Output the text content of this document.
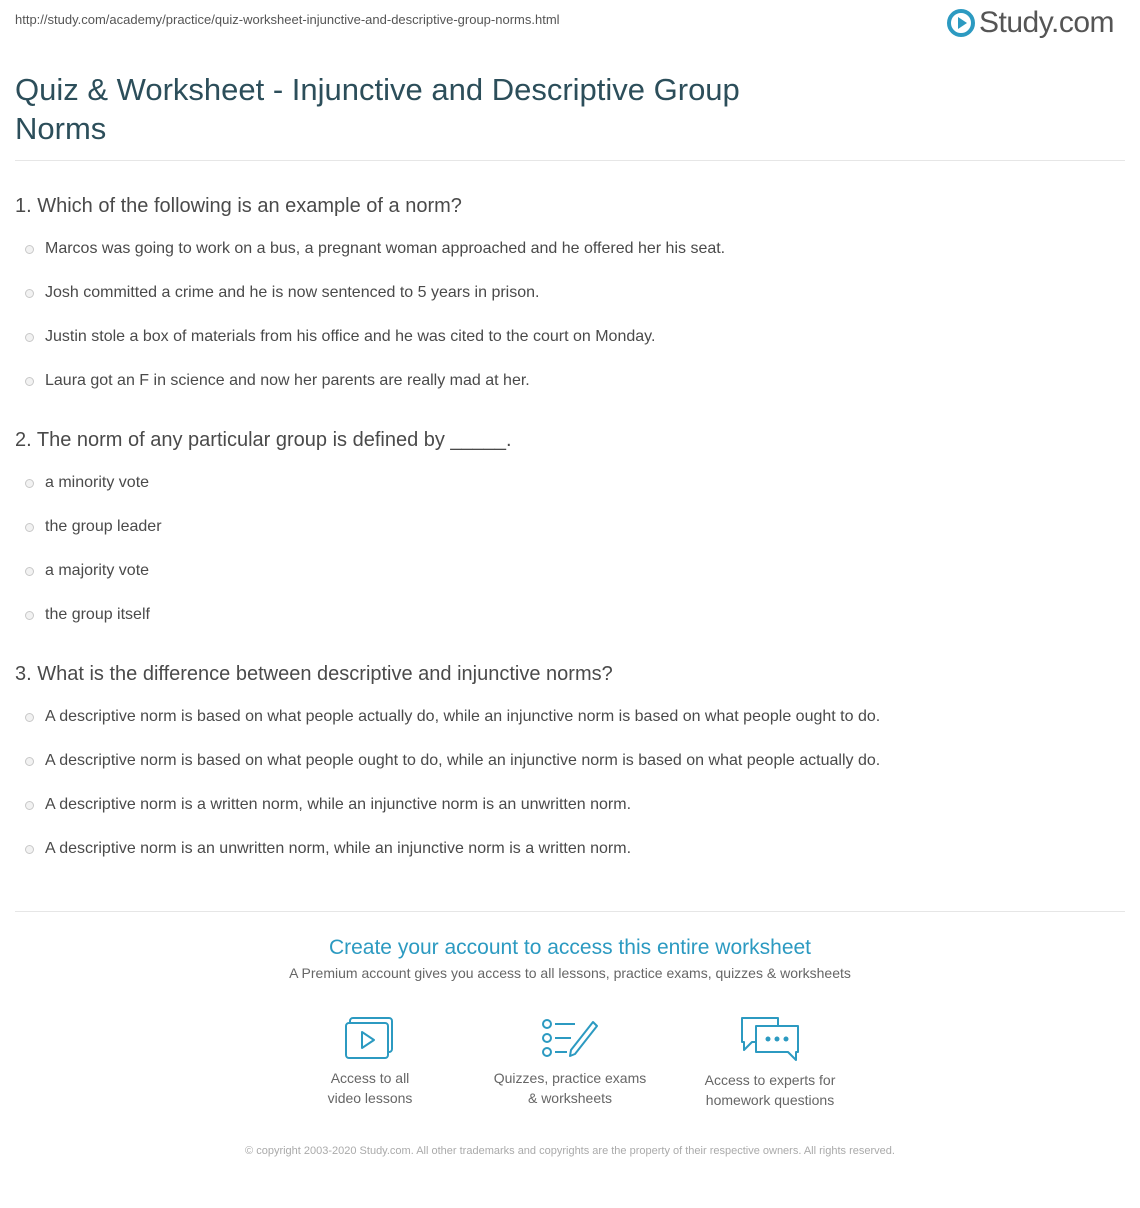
http://study.com/academy/practice/quiz-worksheet-injunctive-and-descriptive-group-norms.html	Study.com
Quiz & Worksheet - Injunctive and Descriptive Group Norms
1. Which of the following is an example of a norm?
Marcos was going to work on a bus, a pregnant woman approached and he offered her his seat.
Josh committed a crime and he is now sentenced to 5 years in prison.
Justin stole a box of materials from his office and he was cited to the court on Monday.
Laura got an F in science and now her parents are really mad at her.
2. The norm of any particular group is defined by _____.
a minority vote
the group leader
a majority vote
the group itself
3. What is the difference between descriptive and injunctive norms?
A descriptive norm is based on what people actually do, while an injunctive norm is based on what people ought to do.
A descriptive norm is based on what people ought to do, while an injunctive norm is based on what people actually do.
A descriptive norm is a written norm, while an injunctive norm is an unwritten norm.
A descriptive norm is an unwritten norm, while an injunctive norm is a written norm.
Create your account to access this entire worksheet
A Premium account gives you access to all lessons, practice exams, quizzes & worksheets
Access to all
video lessons
Quizzes, practice exams
& worksheets
Access to experts for
homework questions
© copyright 2003-2020 Study.com. All other trademarks and copyrights are the property of their respective owners. All rights reserved.
